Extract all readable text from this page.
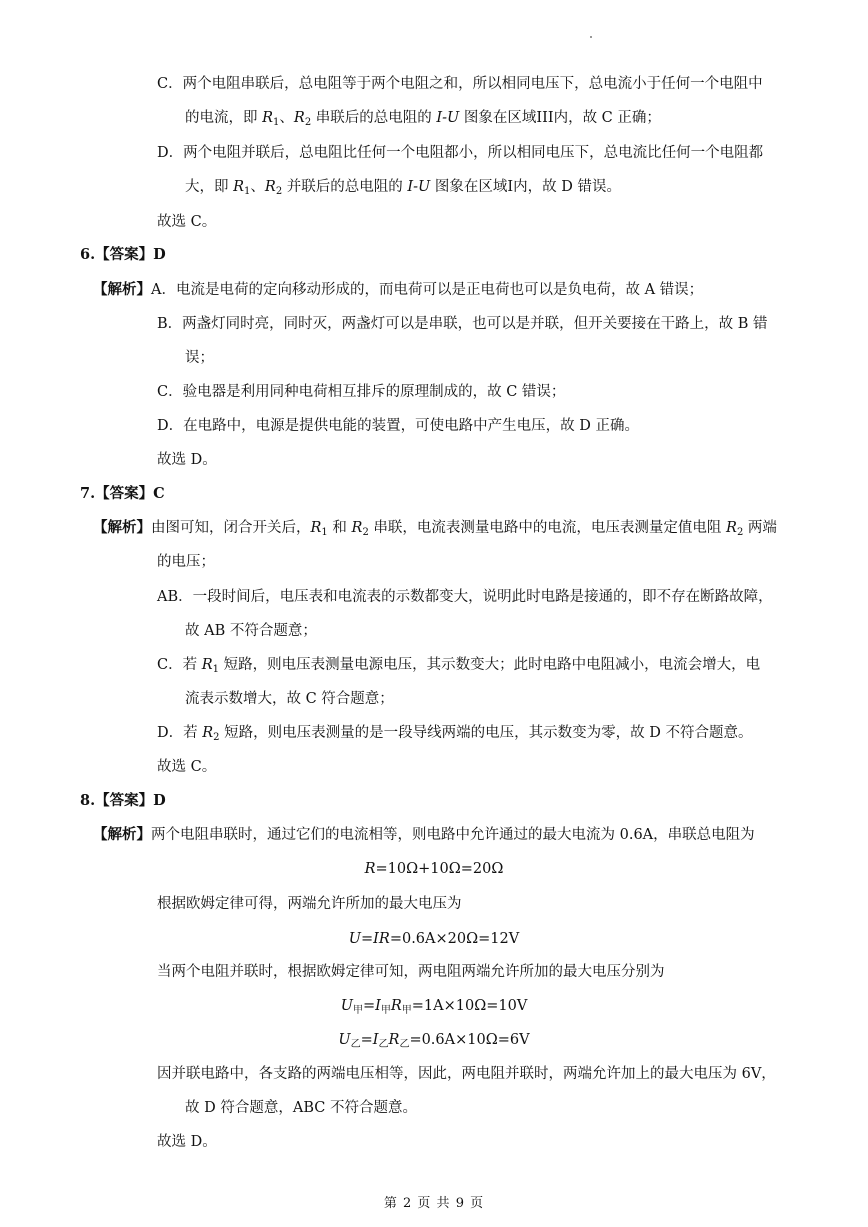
C．两个电阻串联后，总电阻等于两个电阻之和，所以相同电压下，总电流小于任何一个电阻中
的电流，即 $R_1$、$R_2$ 串联后的总电阻的 I-U 图象在区域III内，故 C 正确；
D．两个电阻并联后，总电阻比任何一个电阻都小，所以相同电压下，总电流比任何一个电阻都
大，即 $R_1$、$R_2$ 并联后的总电阻的 I-U 图象在区域I内，故 D 错误。
故选 C。
6.【答案】D
【解析】A．电流是电荷的定向移动形成的，而电荷可以是正电荷也可以是负电荷，故 A 错误；
B．两盏灯同时亮，同时灭，两盏灯可以是串联，也可以是并联，但开关要接在干路上，故 B 错
误；
C．验电器是利用同种电荷相互排斥的原理制成的，故 C 错误；
D．在电路中，电源是提供电能的装置，可使电路中产生电压，故 D 正确。
故选 D。
7.【答案】C
【解析】由图可知，闭合开关后，$R_1$ 和 $R_2$ 串联，电流表测量电路中的电流，电压表测量定值电阻 $R_2$ 两端
的电压；
AB．一段时间后，电压表和电流表的示数都变大，说明此时电路是接通的，即不存在断路故障，
故 AB 不符合题意；
C．若 $R_1$ 短路，则电压表测量电源电压，其示数变大；此时电路中电阻减小，电流会增大，电
流表示数增大，故 C 符合题意；
D．若 $R_2$ 短路，则电压表测量的是一段导线两端的电压，其示数变为零，故 D 不符合题意。
故选 C。
8.【答案】D
【解析】两个电阻串联时，通过它们的电流相等，则电路中允许通过的最大电流为 0.6A，串联总电阻为
R=10Ω+10Ω=20Ω
根据欧姆定律可得，两端允许所加的最大电压为
U=IR=0.6A×20Ω=12V
当两个电阻并联时，根据欧姆定律可知，两电阻两端允许所加的最大电压分别为
$U_甲=I_甲R_甲=1A\times 10\Omega=10V$
$U_乙=I_乙R_乙=0.6A\times 10\Omega=6V$
因并联电路中，各支路的两端电压相等，因此，两电阻并联时，两端允许加上的最大电压为 6V，
故 D 符合题意，ABC 不符合题意。
故选 D。
第 2 页 共 9 页
